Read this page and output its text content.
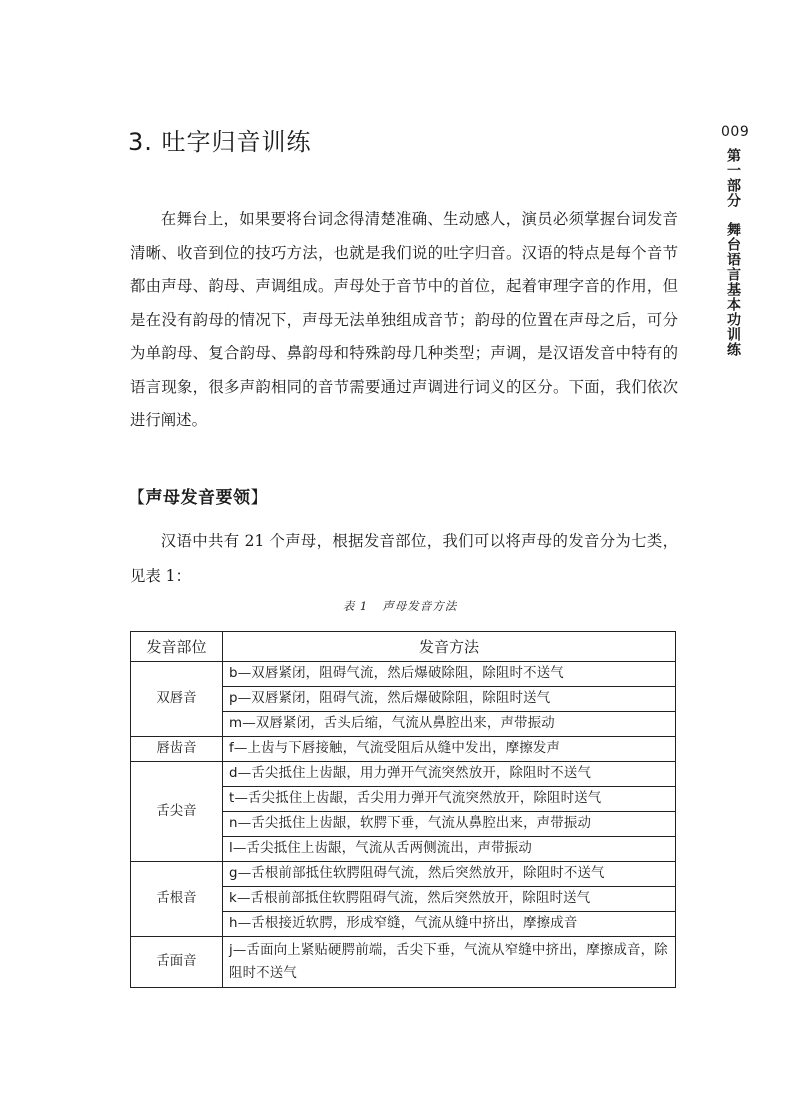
009
第一部分
舞台语言基本功训练
3. 吐字归音训练

在舞台上，如果要将台词念得清楚准确、生动感人，演员必须掌握台词发音清晰、收音到位的技巧方法，也就是我们说的吐字归音。汉语的特点是每个音节都由声母、韵母、声调组成。声母处于音节中的首位，起着审理字音的作用，但是在没有韵母的情况下，声母无法单独组成音节；韵母的位置在声母之后，可分为单韵母、复合韵母、鼻韵母和特殊韵母几种类型；声调，是汉语发音中特有的语言现象，很多声韵相同的音节需要通过声调进行词义的区分。下面，我们依次进行阐述。

【声母发音要领】

汉语中共有 21 个声母，根据发音部位，我们可以将声母的发音分为七类，见表 1：

表 1 声母发音方法
发音部位	发音方法
双唇音	b—双唇紧闭，阻碍气流，然后爆破除阻，除阻时不送气
	p—双唇紧闭，阻碍气流，然后爆破除阻，除阻时送气
	m—双唇紧闭，舌头后缩，气流从鼻腔出来，声带振动
唇齿音	f—上齿与下唇接触，气流受阻后从缝中发出，摩擦发声
舌尖音	d—舌尖抵住上齿龈，用力弹开气流突然放开，除阻时不送气
	t—舌尖抵住上齿龈，舌尖用力弹开气流突然放开，除阻时送气
	n—舌尖抵住上齿龈，软腭下垂，气流从鼻腔出来，声带振动
	l—舌尖抵住上齿龈，气流从舌两侧流出，声带振动
舌根音	g—舌根前部抵住软腭阻碍气流，然后突然放开，除阻时不送气
	k—舌根前部抵住软腭阻碍气流，然后突然放开，除阻时送气
	h—舌根接近软腭，形成窄缝，气流从缝中挤出，摩擦成音
舌面音	j—舌面向上紧贴硬腭前端，舌尖下垂，气流从窄缝中挤出，摩擦成音，除阻时不送气
